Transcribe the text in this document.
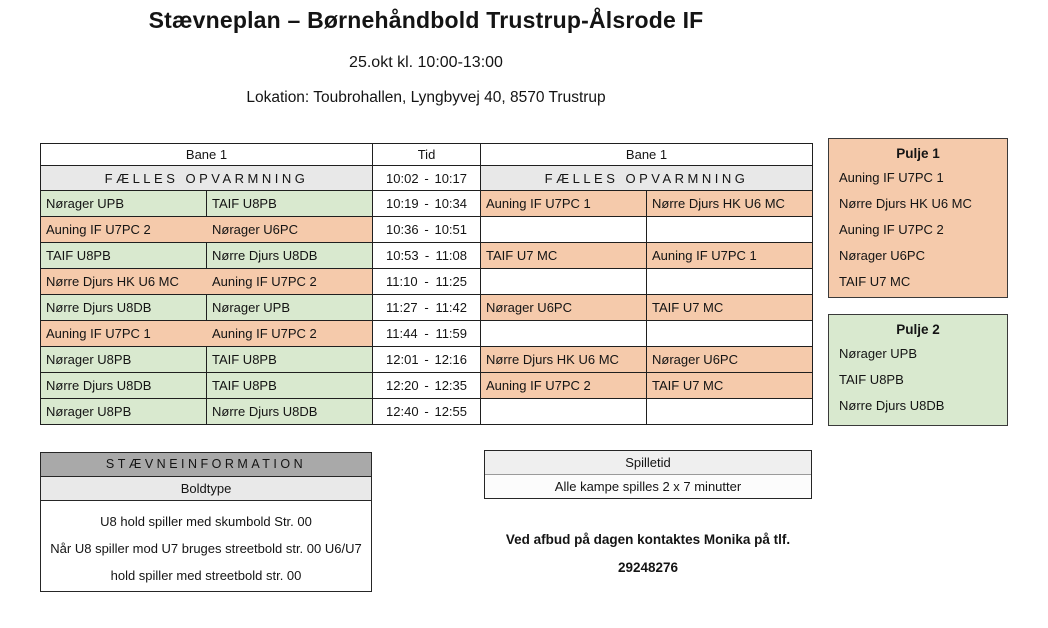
Stævneplan – Børnehåndbold Trustrup-Ålsrode IF
25.okt kl. 10:00-13:00
Lokation: Toubrohallen, Lyngbyvej 40, 8570 Trustrup
Bane 1		Tid	Bane 1	
FÆLLES OPVARMNING		10:02 - 10:17	FÆLLES OPVARMNING	
Nørager UPB	TAIF U8PB	10:19 - 10:34	Auning IF U7PC 1	Nørre Djurs HK U6 MC
Auning IF U7PC 2	Nørager U6PC	10:36 - 10:51		

TAIF U8PB	Nørre Djurs U8DB	10:53 - 11:08	TAIF U7 MC	Auning IF U7PC 1
Nørre Djurs HK U6 MC	Auning IF U7PC 2	11:10 - 11:25		

Nørre Djurs U8DB	Nørager UPB	11:27 - 11:42	Nørager U6PC	TAIF U7 MC
Auning IF U7PC 1	Auning IF U7PC 2	11:44 - 11:59		

Nørager U8PB	TAIF U8PB	12:01 - 12:16	Nørre Djurs HK U6 MC	Nørager U6PC
Nørre Djurs U8DB	TAIF U8PB	12:20 - 12:35	Auning IF U7PC 2	TAIF U7 MC
Nørager U8PB	Nørre Djurs U8DB	12:40 - 12:55		

Pulje 1
Auning IF U7PC 1
Nørre Djurs HK U6 MC
Auning IF U7PC 2
Nørager U6PC
TAIF U7 MC
Pulje 2
Nørager UPB
TAIF U8PB
Nørre Djurs U8DB
STÆVNEINFORMATION
Boldtype
U8 hold spiller med skumbold Str. 00
Når U8 spiller mod U7 bruges streetbold str. 00 U6/U7
hold spiller med streetbold str. 00
Spilletid
Alle kampe spilles 2 x 7 minutter
Ved afbud på dagen kontaktes Monika på tlf.
29248276
